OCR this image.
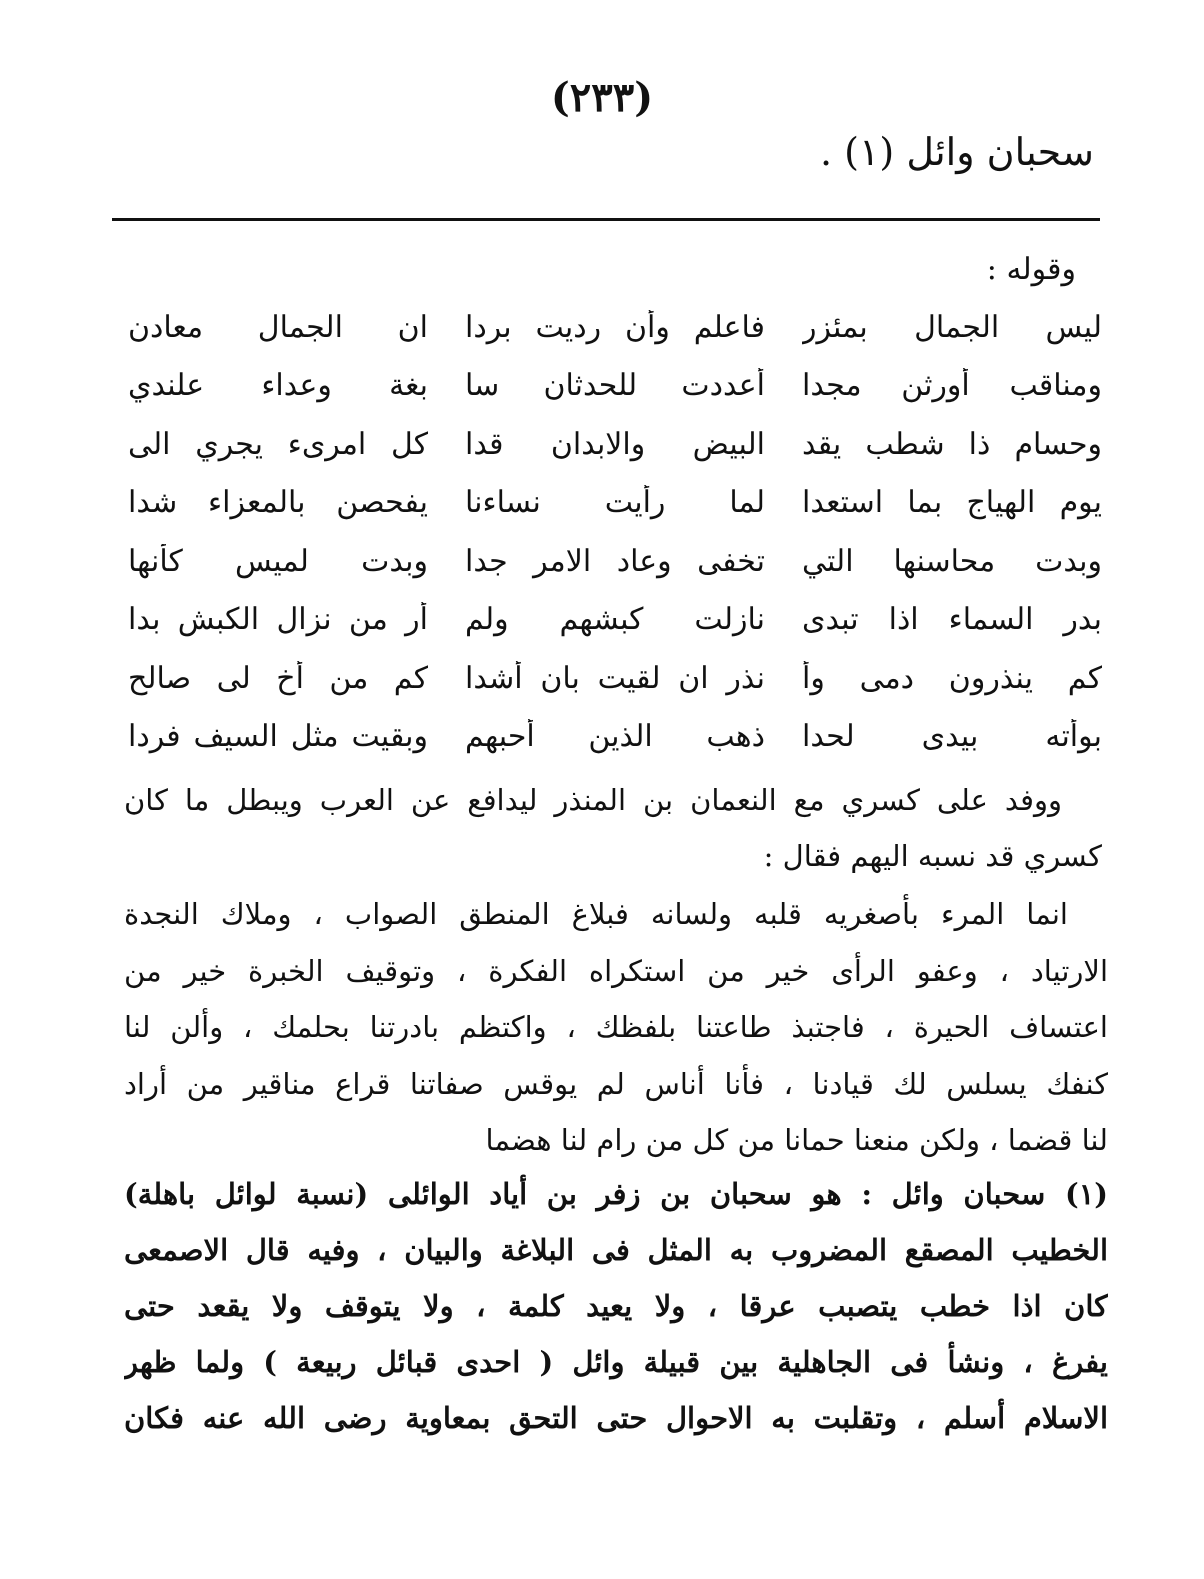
(٢٣٣)
سحبان وائل (١) .
وقوله :
ليس الجمال بمئزر
فاعلم وأن رديت بردا
ان الجمال معادن
ومناقب أورثن مجدا
أعددت للحدثان سا
بغة وعداء علندي
وحسام ذا شطب يقد
البيض والابدان قدا
كل امرىء يجري الى
يوم الهياج بما استعدا
لما رأيت نساءنا
يفحصن بالمعزاء شدا
وبدت محاسنها التي
تخفى وعاد الامر جدا
وبدت لميس كأنها
بدر السماء اذا تبدى
نازلت كبشهم ولم
أر من نزال الكبش بدا
كم ينذرون دمى وأ
نذر ان لقيت بان أشدا
كم من أخ لى صالح
بوأته بيدى لحدا
ذهب الذين أحبهم
وبقيت مثل السيف فردا
ووفد على كسري مع النعمان بن المنذر ليدافع عن العرب ويبطل ما كان
كسري قد نسبه اليهم فقال :
انما المرء بأصغريه قلبه ولسانه فبلاغ المنطق الصواب ، وملاك النجدة
الارتياد ، وعفو الرأى خير من استكراه الفكرة ، وتوقيف الخبرة خير من
اعتساف الحيرة ، فاجتبذ طاعتنا بلفظك ، واكتظم بادرتنا بحلمك ، وألن لنا
كنفك يسلس لك قيادنا ، فأنا أناس لم يوقس صفاتنا قراع مناقير من أراد
لنا قضما ، ولكن منعنا حمانا من كل من رام لنا هضما
(١) سحبان وائل : هو سحبان بن زفر بن أياد الوائلى (نسبة لوائل باهلة)
الخطيب المصقع المضروب به المثل فى البلاغة والبيان ، وفيه قال الاصمعى
كان اذا خطب يتصبب عرقا ، ولا يعيد كلمة ، ولا يتوقف ولا يقعد حتى
يفرغ ، ونشأ فى الجاهلية بين قبيلة وائل ( احدى قبائل ربيعة ) ولما ظهر
الاسلام أسلم ، وتقلبت به الاحوال حتى التحق بمعاوية رضى الله عنه فكان
